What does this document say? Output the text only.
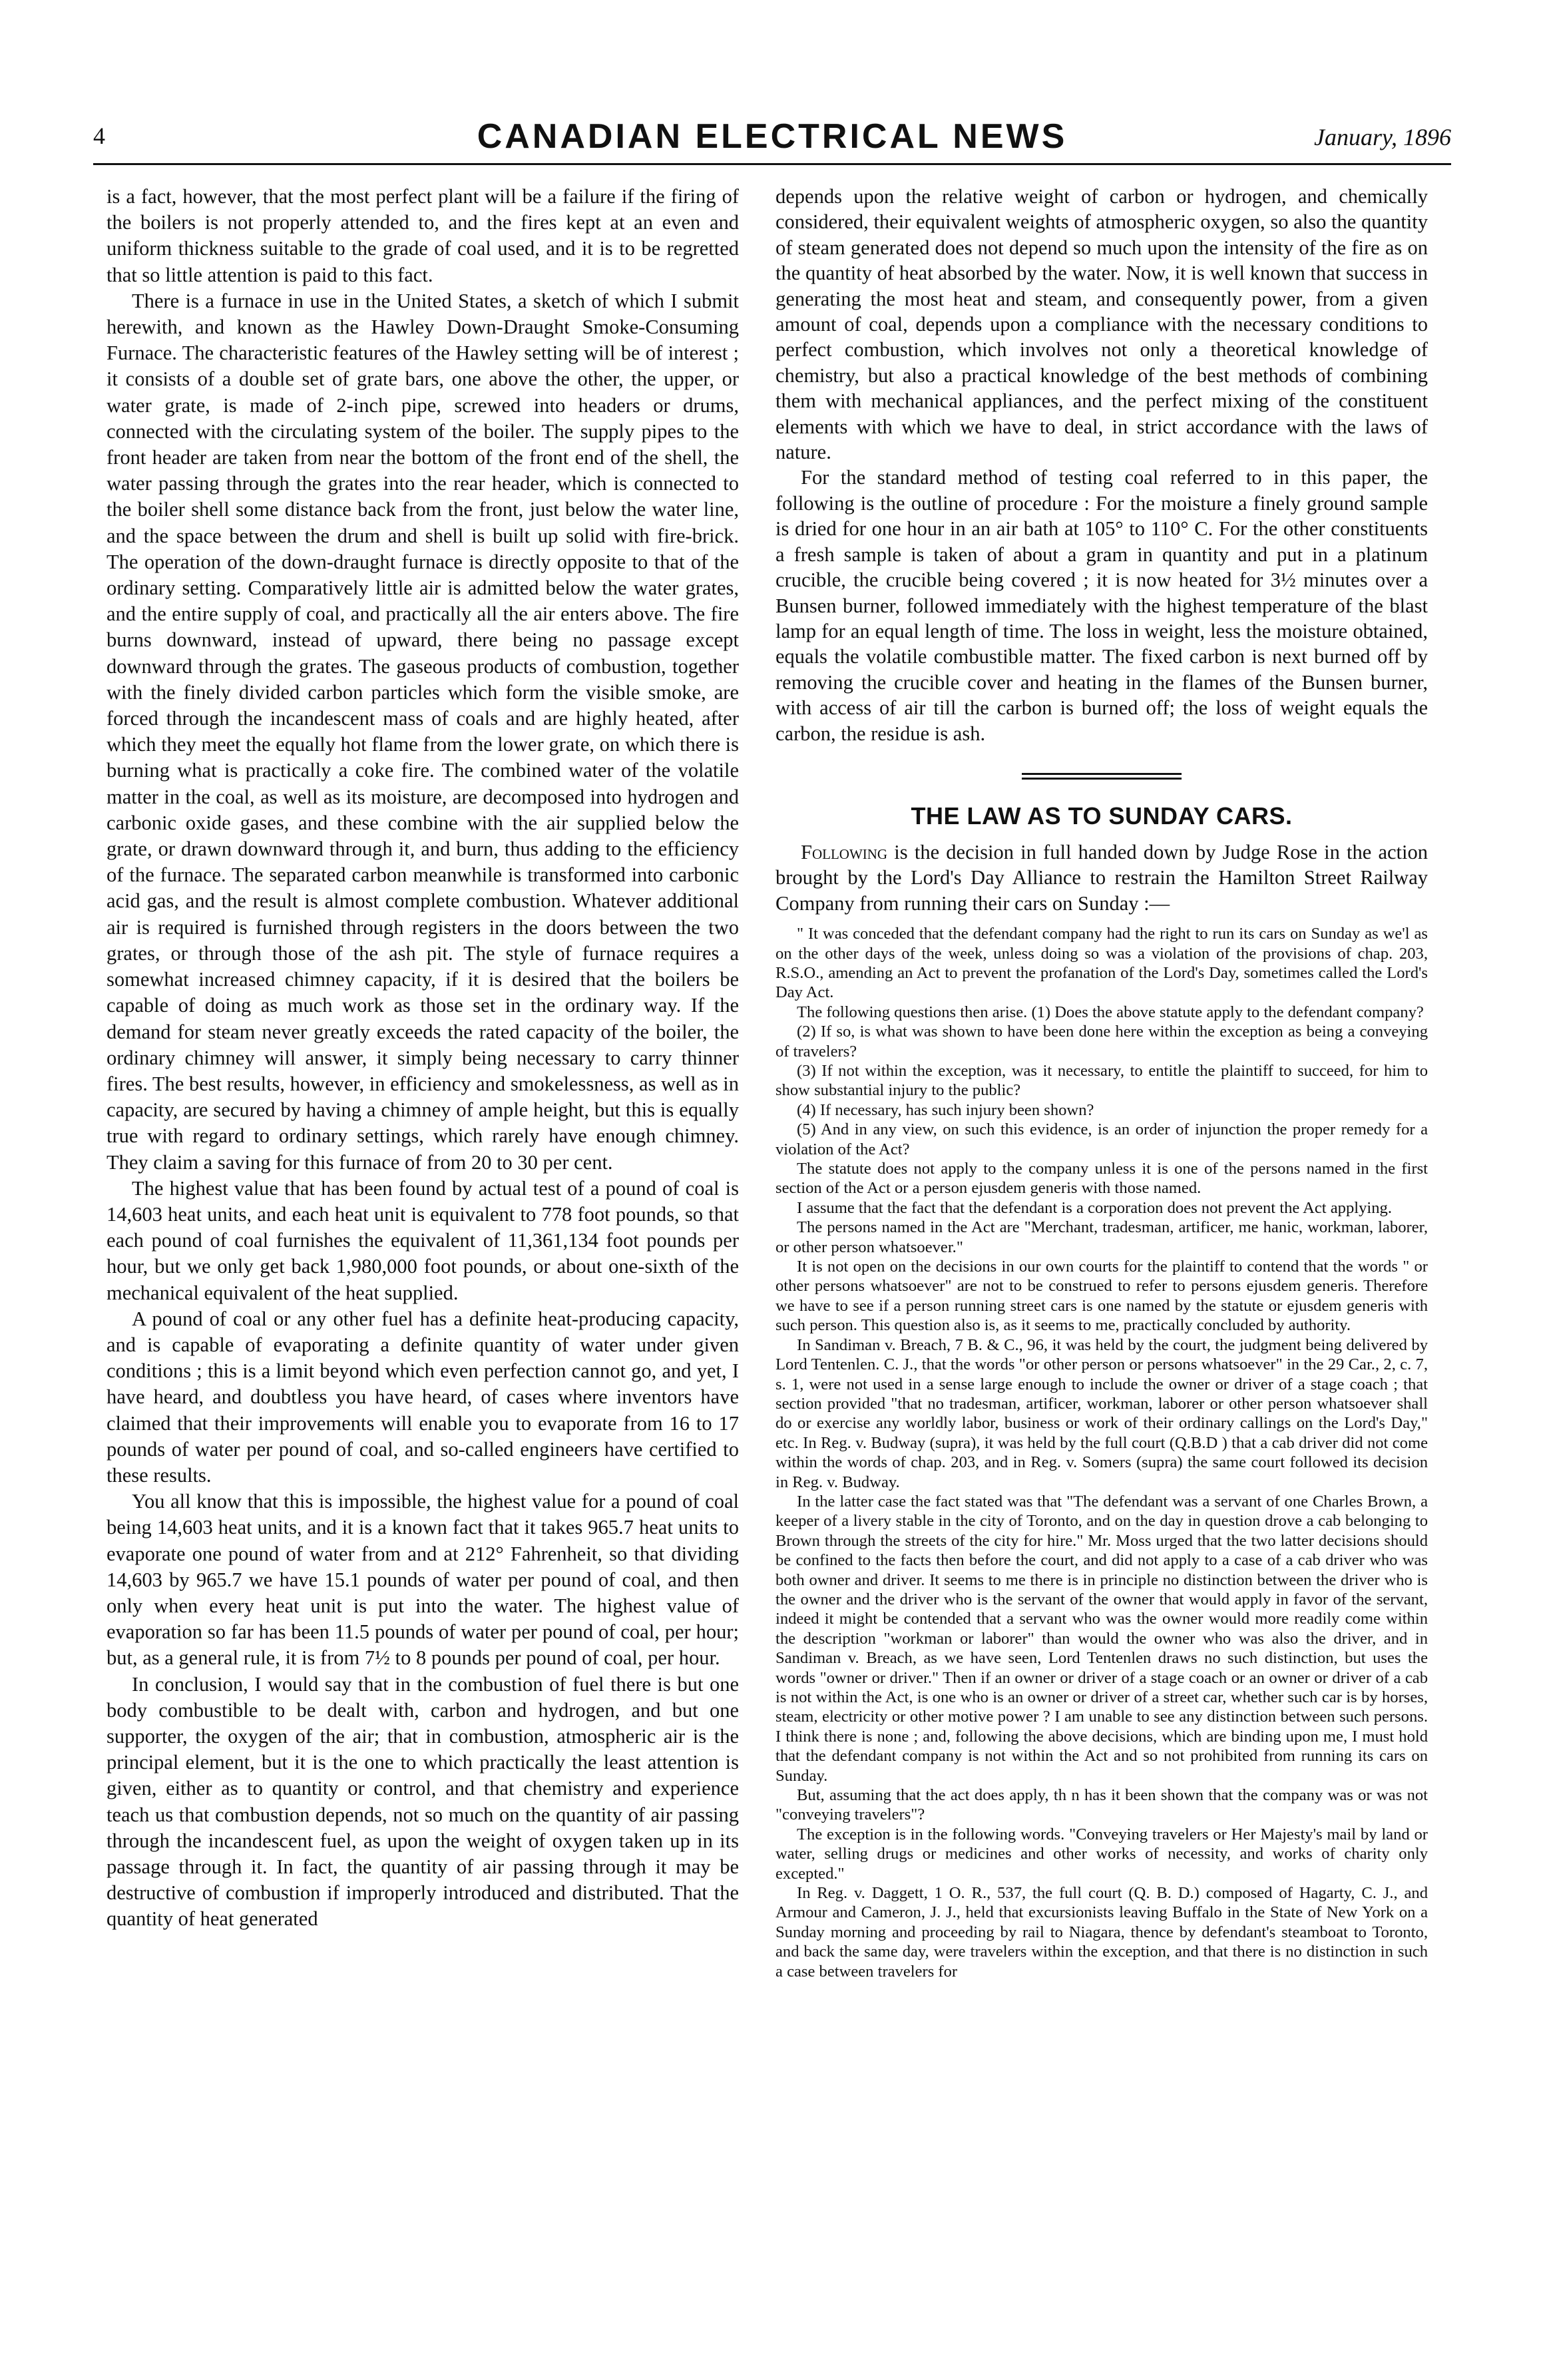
4	CANADIAN ELECTRICAL NEWS	January, 1896

is a fact, however, that the most perfect plant will be a failure if the firing of the boilers is not properly attended to, and the fires kept at an even and uniform thickness suitable to the grade of coal used, and it is to be regretted that so little attention is paid to this fact.

There is a furnace in use in the United States, a sketch of which I submit herewith, and known as the Hawley Down-Draught Smoke-Consuming Furnace. The characteristic features of the Hawley setting will be of interest ; it consists of a double set of grate bars, one above the other, the upper, or water grate, is made of 2-inch pipe, screwed into headers or drums, connected with the circulating system of the boiler. The supply pipes to the front header are taken from near the bottom of the front end of the shell, the water passing through the grates into the rear header, which is connected to the boiler shell some distance back from the front, just below the water line, and the space between the drum and shell is built up solid with fire-brick. The operation of the down-draught furnace is directly opposite to that of the ordinary setting. Comparatively little air is admitted below the water grates, and the entire supply of coal, and practically all the air enters above. The fire burns downward, instead of upward, there being no passage except downward through the grates. The gaseous products of combustion, together with the finely divided carbon particles which form the visible smoke, are forced through the incandescent mass of coals and are highly heated, after which they meet the equally hot flame from the lower grate, on which there is burning what is practically a coke fire. The combined water of the volatile matter in the coal, as well as its moisture, are decomposed into hydrogen and carbonic oxide gases, and these combine with the air supplied below the grate, or drawn downward through it, and burn, thus adding to the efficiency of the furnace. The separated carbon meanwhile is transformed into carbonic acid gas, and the result is almost complete combustion. Whatever additional air is required is furnished through registers in the doors between the two grates, or through those of the ash pit. The style of furnace requires a somewhat increased chimney capacity, if it is desired that the boilers be capable of doing as much work as those set in the ordinary way. If the demand for steam never greatly exceeds the rated capacity of the boiler, the ordinary chimney will answer, it simply being necessary to carry thinner fires. The best results, however, in efficiency and smokelessness, as well as in capacity, are secured by having a chimney of ample height, but this is equally true with regard to ordinary settings, which rarely have enough chimney. They claim a saving for this furnace of from 20 to 30 per cent.

The highest value that has been found by actual test of a pound of coal is 14,603 heat units, and each heat unit is equivalent to 778 foot pounds, so that each pound of coal furnishes the equivalent of 11,361,134 foot pounds per hour, but we only get back 1,980,000 foot pounds, or about one-sixth of the mechanical equivalent of the heat supplied.

A pound of coal or any other fuel has a definite heat-producing capacity, and is capable of evaporating a definite quantity of water under given conditions ; this is a limit beyond which even perfection cannot go, and yet, I have heard, and doubtless you have heard, of cases where inventors have claimed that their improvements will enable you to evaporate from 16 to 17 pounds of water per pound of coal, and so-called engineers have certified to these results.

You all know that this is impossible, the highest value for a pound of coal being 14,603 heat units, and it is a known fact that it takes 965.7 heat units to evaporate one pound of water from and at 212° Fahrenheit, so that dividing 14,603 by 965.7 we have 15.1 pounds of water per pound of coal, and then only when every heat unit is put into the water. The highest value of evaporation so far has been 11.5 pounds of water per pound of coal, per hour; but, as a general rule, it is from 7½ to 8 pounds per pound of coal, per hour.

In conclusion, I would say that in the combustion of fuel there is but one body combustible to be dealt with, carbon and hydrogen, and but one supporter, the oxygen of the air; that in combustion, atmospheric air is the principal element, but it is the one to which practically the least attention is given, either as to quantity or control, and that chemistry and experience teach us that combustion depends, not so much on the quantity of air passing through the incandescent fuel, as upon the weight of oxygen taken up in its passage through it. In fact, the quantity of air passing through it may be destructive of combustion if improperly introduced and distributed. That the quantity of heat generated

depends upon the relative weight of carbon or hydrogen, and chemically considered, their equivalent weights of atmospheric oxygen, so also the quantity of steam generated does not depend so much upon the intensity of the fire as on the quantity of heat absorbed by the water. Now, it is well known that success in generating the most heat and steam, and consequently power, from a given amount of coal, depends upon a compliance with the necessary conditions to perfect combustion, which involves not only a theoretical knowledge of chemistry, but also a practical knowledge of the best methods of combining them with mechanical appliances, and the perfect mixing of the constituent elements with which we have to deal, in strict accordance with the laws of nature.

For the standard method of testing coal referred to in this paper, the following is the outline of procedure : For the moisture a finely ground sample is dried for one hour in an air bath at 105° to 110° C. For the other constituents a fresh sample is taken of about a gram in quantity and put in a platinum crucible, the crucible being covered ; it is now heated for 3½ minutes over a Bunsen burner, followed immediately with the highest temperature of the blast lamp for an equal length of time. The loss in weight, less the moisture obtained, equals the volatile combustible matter. The fixed carbon is next burned off by removing the crucible cover and heating in the flames of the Bunsen burner, with access of air till the carbon is burned off; the loss of weight equals the carbon, the residue is ash.

THE LAW AS TO SUNDAY CARS.

Following is the decision in full handed down by Judge Rose in the action brought by the Lord's Day Alliance to restrain the Hamilton Street Railway Company from running their cars on Sunday :—

" It was conceded that the defendant company had the right to run its cars on Sunday as we'l as on the other days of the week, unless doing so was a violation of the provisions of chap. 203, R.S.O., amending an Act to prevent the profanation of the Lord's Day, sometimes called the Lord's Day Act.

The following questions then arise. (1) Does the above statute apply to the defendant company?

(2) If so, is what was shown to have been done here within the exception as being a conveying of travelers?

(3) If not within the exception, was it necessary, to entitle the plaintiff to succeed, for him to show substantial injury to the public?

(4) If necessary, has such injury been shown?

(5) And in any view, on such this evidence, is an order of injunction the proper remedy for a violation of the Act?

The statute does not apply to the company unless it is one of the persons named in the first section of the Act or a person ejusdem generis with those named.

I assume that the fact that the defendant is a corporation does not prevent the Act applying.

The persons named in the Act are "Merchant, tradesman, artificer, me hanic, workman, laborer, or other person whatsoever."

It is not open on the decisions in our own courts for the plaintiff to contend that the words " or other persons whatsoever" are not to be construed to refer to persons ejusdem generis. Therefore we have to see if a person running street cars is one named by the statute or ejusdem generis with such person. This question also is, as it seems to me, practically concluded by authority.

In Sandiman v. Breach, 7 B. & C., 96, it was held by the court, the judgment being delivered by Lord Tentenlen. C. J., that the words "or other person or persons whatsoever" in the 29 Car., 2, c. 7, s. 1, were not used in a sense large enough to include the owner or driver of a stage coach ; that section provided "that no tradesman, artificer, workman, laborer or other person whatsoever shall do or exercise any worldly labor, business or work of their ordinary callings on the Lord's Day," etc. In Reg. v. Budway (supra), it was held by the full court (Q.B.D ) that a cab driver did not come within the words of chap. 203, and in Reg. v. Somers (supra) the same court followed its decision in Reg. v. Budway.

In the latter case the fact stated was that "The defendant was a servant of one Charles Brown, a keeper of a livery stable in the city of Toronto, and on the day in question drove a cab belonging to Brown through the streets of the city for hire." Mr. Moss urged that the two latter decisions should be confined to the facts then before the court, and did not apply to a case of a cab driver who was both owner and driver. It seems to me there is in principle no distinction between the driver who is the owner and the driver who is the servant of the owner that would apply in favor of the servant, indeed it might be contended that a servant who was the owner would more readily come within the description "workman or laborer" than would the owner who was also the driver, and in Sandiman v. Breach, as we have seen, Lord Tentenlen draws no such distinction, but uses the words "owner or driver." Then if an owner or driver of a stage coach or an owner or driver of a cab is not within the Act, is one who is an owner or driver of a street car, whether such car is by horses, steam, electricity or other motive power ? I am unable to see any distinction between such persons. I think there is none ; and, following the above decisions, which are binding upon me, I must hold that the defendant company is not within the Act and so not prohibited from running its cars on Sunday.

But, assuming that the act does apply, th n has it been shown that the company was or was not "conveying travelers"?

The exception is in the following words. "Conveying travelers or Her Majesty's mail by land or water, selling drugs or medicines and other works of necessity, and works of charity only excepted."

In Reg. v. Daggett, 1 O. R., 537, the full court (Q. B. D.) composed of Hagarty, C. J., and Armour and Cameron, J. J., held that excursionists leaving Buffalo in the State of New York on a Sunday morning and proceeding by rail to Niagara, thence by defendant's steamboat to Toronto, and back the same day, were travelers within the exception, and that there is no distinction in such a case between travelers for
